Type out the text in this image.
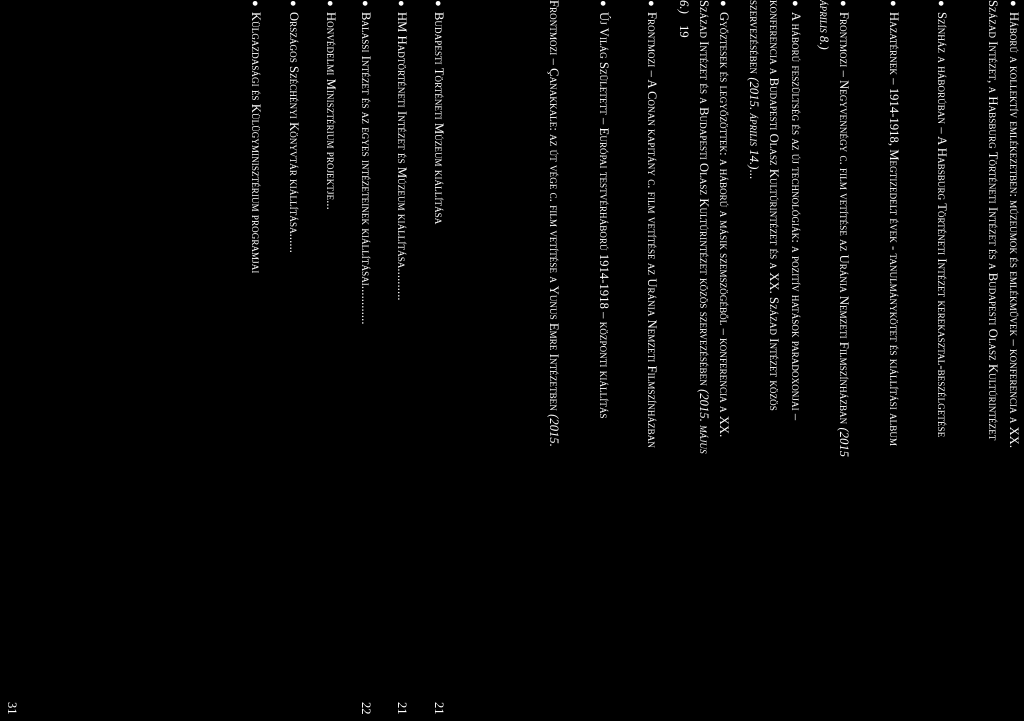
●Háború a kollektív emlékezetben: múzeumok és emlékművek – konferencia a XX.
Század Intézet, a Habsburg Történeti Intézet és a Budapesti Olasz Kultúrintézet
●Színház a háborúban – A Habsburg Történeti Intézet kerekasztal-beszélgetése
●Hazatérnek – 1914-1918, Megtizedelt évek - tanulmánykötet és kiállítási album
●Frontmozi – Negyvennégy c. film vetítése az Uránia Nemzeti Filmszínházban (2015
április 8.)
●A háború feszültség és az új technológiák: a pozitív hatások paradoxonjai –
konferencia a Budapesti Olasz Kultúrintézet és a XX. Század Intézet közös
szervezésében (2015. április 14.)...
●Győztesek és legyőzöttek: a háború a másik szemszögéből – konferencia a XX.
Század Intézet és a Budapesti Olasz Kultúrintézet közös szervezésében (2015. május
6.) 19
●Frontmozi – A Conan kapitány c. film vetítése az Uránia Nemzeti Filmszínházban
●Új Világ Született – Európai testvérháború 1914-1918 – központi kiállítás
Frontmozi – Çanakkale: az út vége c. film vetítése a Yunus Emre Intézetben (2015.
●Budapesti Történeti Múzeum kiállítása
21
●HM Hadtörténeti Intézet és Múzeum kiállítása..........
21
●Balassi Intézet és az egyes intézeteinek kiállításai............
22
●Honvédelmi Minisztérium projektje...
●Országos Széchényi Könyvtár kiállítása......
●Külgazdasági és Külügyminisztérium programjai
31
